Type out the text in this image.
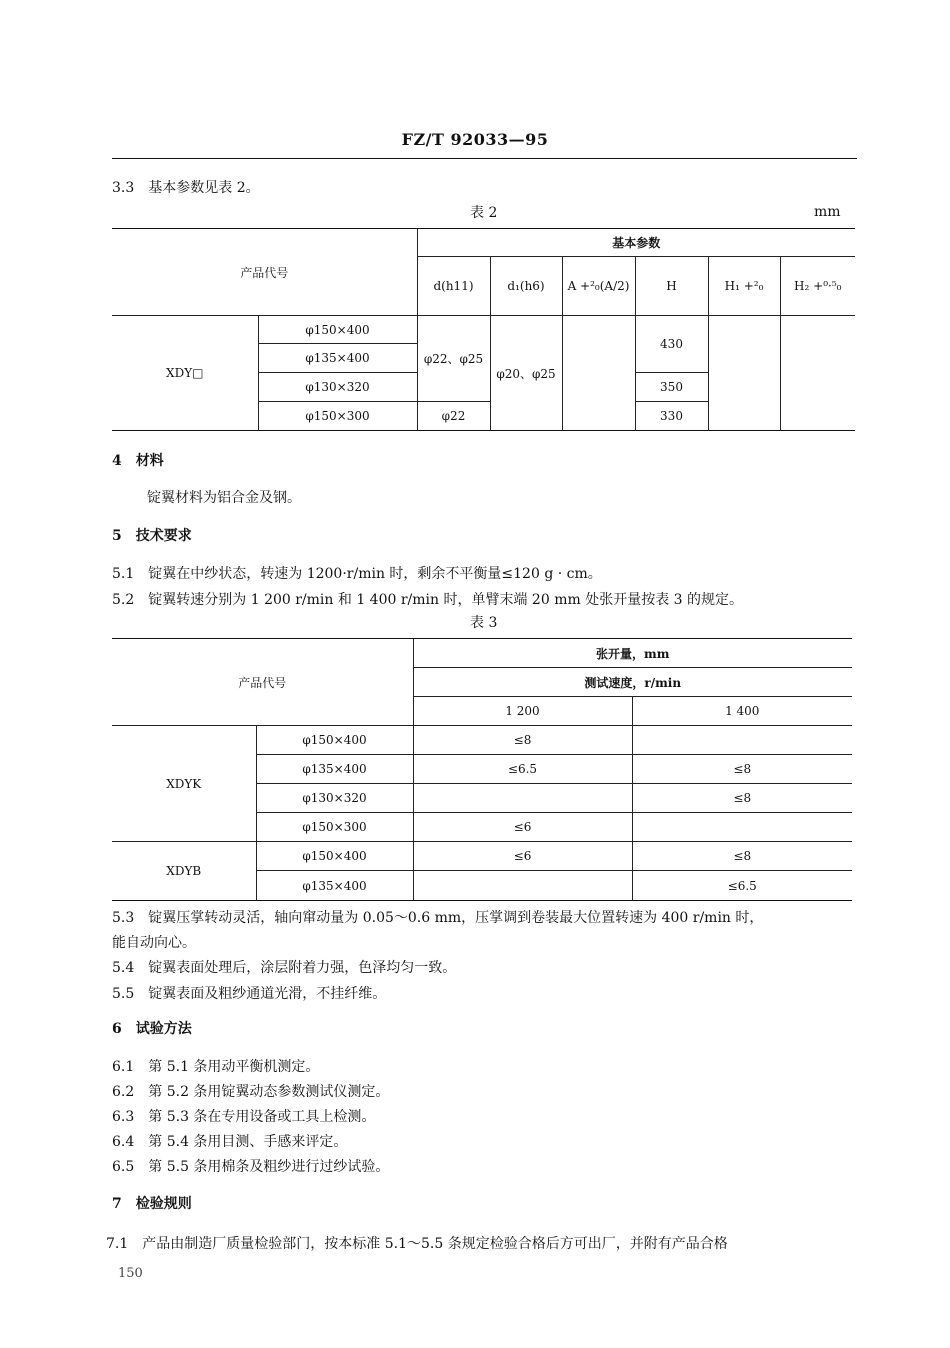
FZ/T 92033—95
3.3　基本参数见表 2。
表 2	mm
产品代号		基本参数					
		d(h11)	d₁(h6)	A +²₀(A/2)	H	H₁ +²₀	H₂ +⁰·⁵₀
XDY□	φ150×400	φ22、φ25	φ20、φ25		430		
	φ135×400						
	φ130×320				350		
	φ150×300	φ22			330		
4　材料
锭翼材料为铝合金及钢。
5　技术要求
5.1　锭翼在中纱状态，转速为 1200·r/min 时，剩余不平衡量≤120 g · cm。
5.2　锭翼转速分别为 1 200 r/min 和 1 400 r/min 时，单臂末端 20 mm 处张开量按表 3 的规定。
表 3
产品代号		张开量，mm	
		测试速度，r/min	
		1 200	1 400
XDYK	φ150×400	≤8	
	φ135×400	≤6.5	≤8
	φ130×320		≤8
	φ150×300	≤6	
XDYB	φ150×400	≤6	≤8
	φ135×400		≤6.5
5.3　锭翼压掌转动灵活，轴向窜动量为 0.05～0.6 mm，压掌调到卷装最大位置转速为 400 r/min 时，
能自动向心。
5.4　锭翼表面处理后，涂层附着力强，色泽均匀一致。
5.5　锭翼表面及粗纱通道光滑，不挂纤维。
6　试验方法
6.1　第 5.1 条用动平衡机测定。
6.2　第 5.2 条用锭翼动态参数测试仪测定。
6.3　第 5.3 条在专用设备或工具上检测。
6.4　第 5.4 条用目测、手感来评定。
6.5　第 5.5 条用棉条及粗纱进行过纱试验。
7　检验规则
7.1　产品由制造厂质量检验部门，按本标准 5.1～5.5 条规定检验合格后方可出厂，并附有产品合格
150
